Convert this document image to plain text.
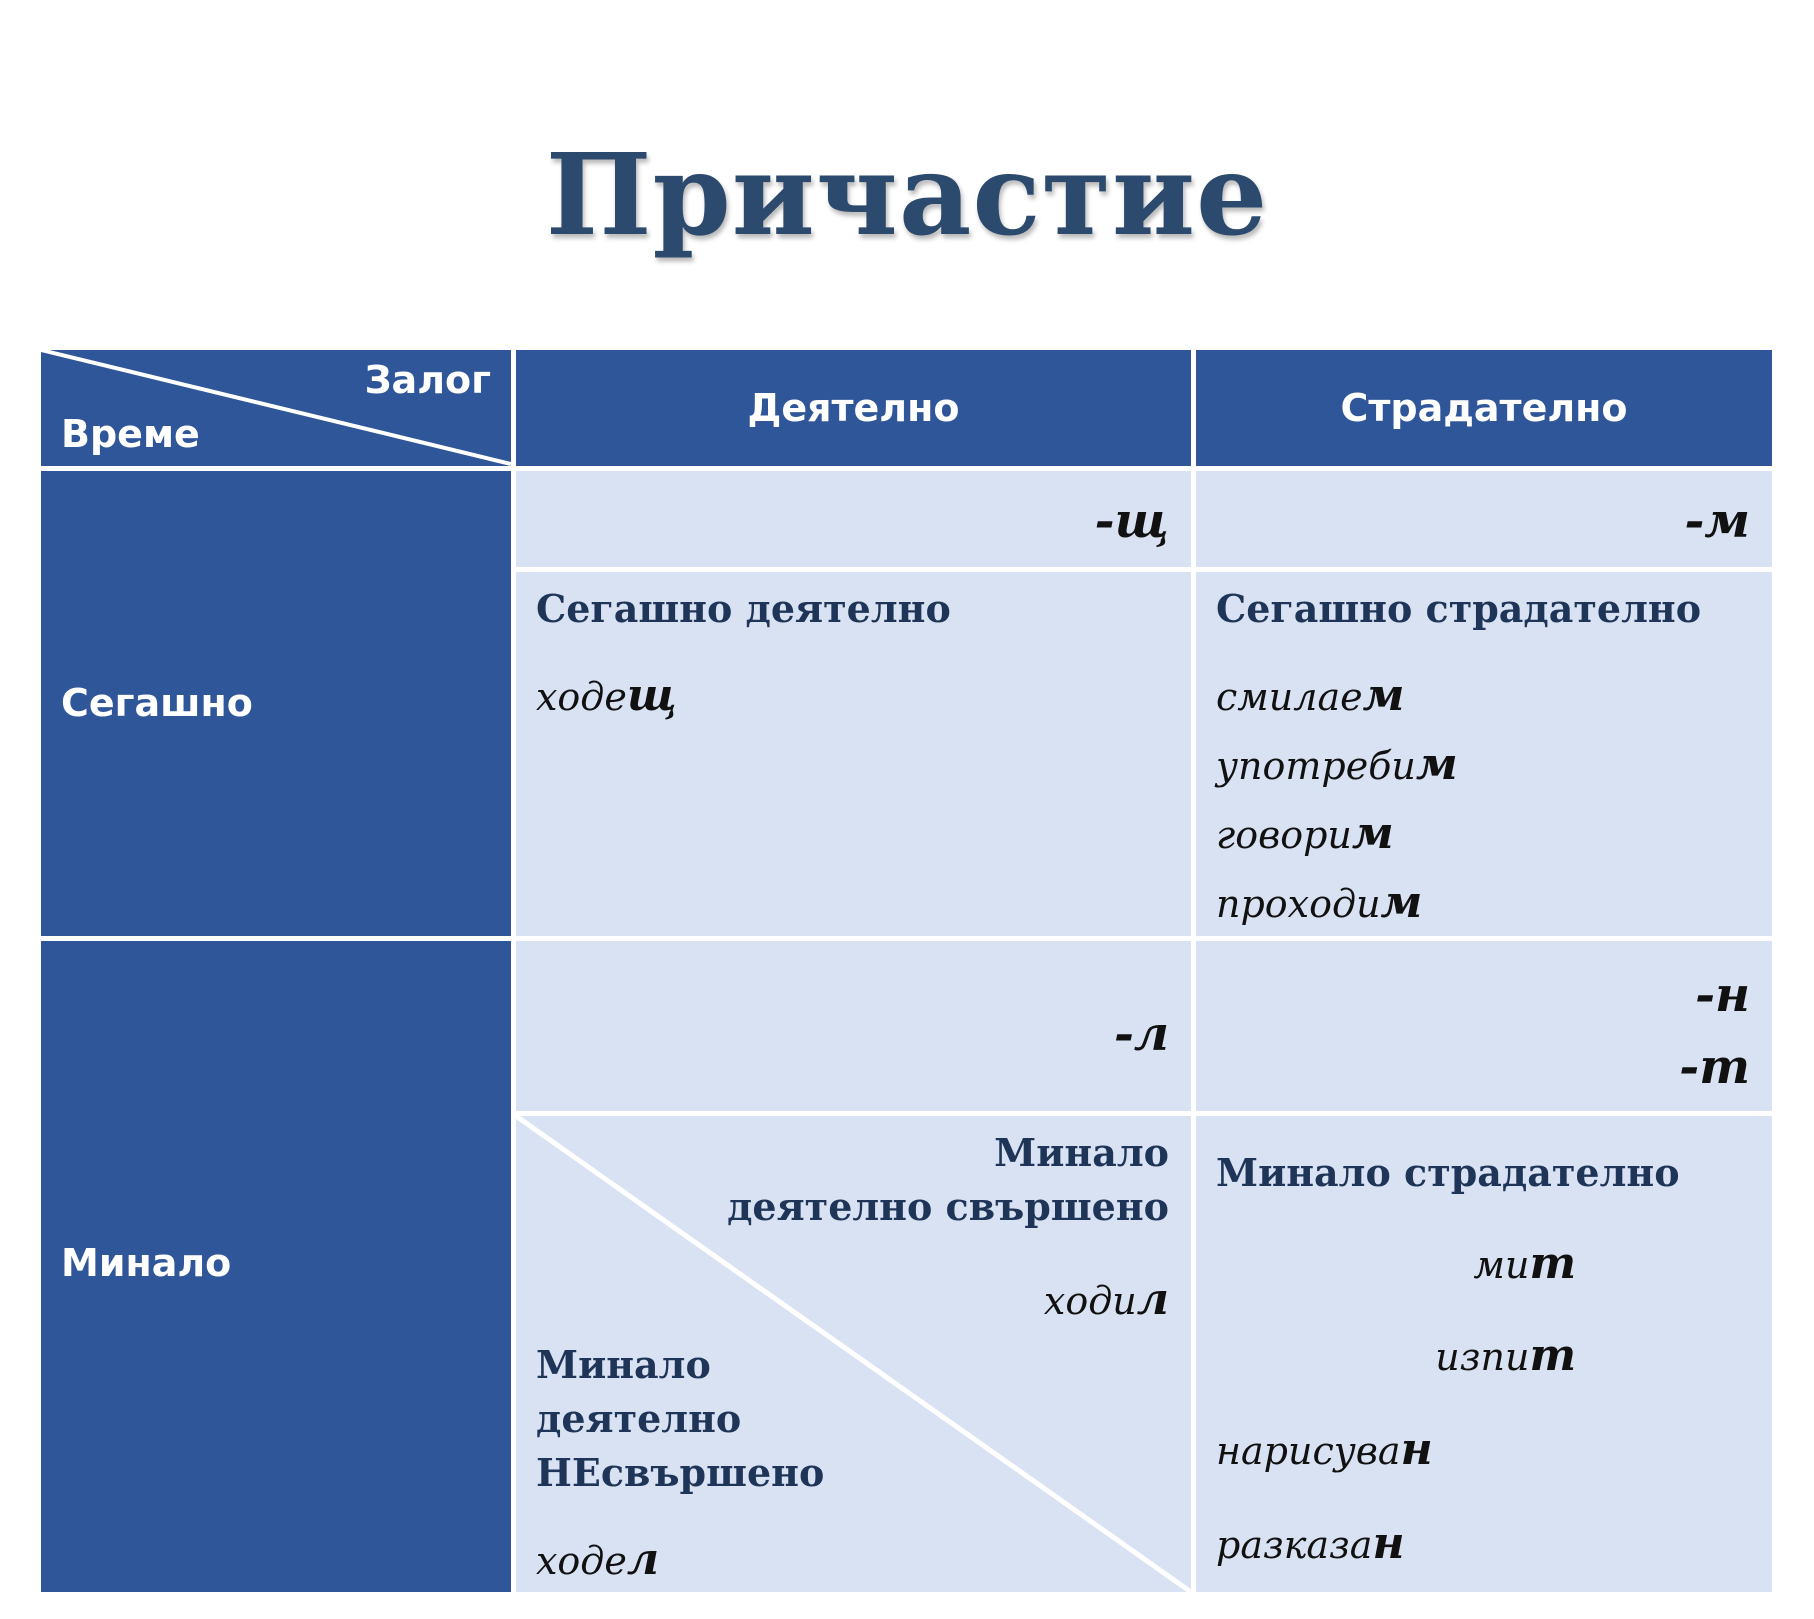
Причастие
Залог
Време
Деятелно	Страдателно
Сегашно
-щ	-м
Сегашно деятелно
ходещ
Сегашно страдателно
смилаем
употребим
говорим
проходим
Минало
-л
-н
-т
Минало
деятелно свършено
ходил
Минало
деятелно
НЕсвършено
ходел
Минало страдателно
мит
изпит
нарисуван
разказан
